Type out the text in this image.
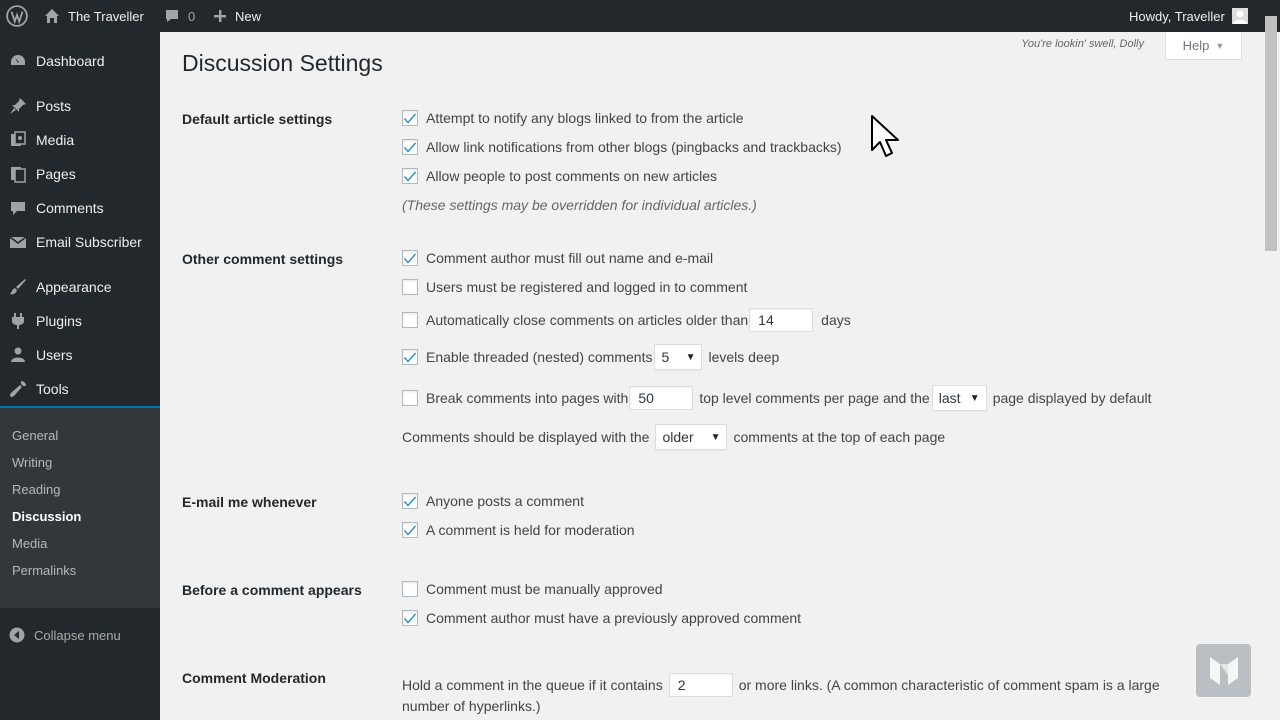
The Traveller	0	New	Howdy, Traveller
Dashboard
Posts
Media
Pages
Comments
Email Subscriber
Appearance
Plugins
Users
Tools
General
Writing
Reading
Discussion
Media
Permalinks
Collapse menu
You're lookin' swell, Dolly	Help ▼
Discussion Settings
Default article settings	Attempt to notify any blogs linked to from the article
Allow link notifications from other blogs (pingbacks and trackbacks)
Allow people to post comments on new articles
(These settings may be overridden for individual articles.)
Other comment settings	Comment author must fill out name and e-mail
Users must be registered and logged in to comment
Automatically close comments on articles older than 14	days
Enable threaded (nested) comments 5 ▼ levels deep
Break comments into pages with 50	top level comments per page and the last ▼ page displayed by default
Comments should be displayed with the older ▼ comments at the top of each page
E-mail me whenever	Anyone posts a comment
A comment is held for moderation
Before a comment appears	Comment must be manually approved
Comment author must have a previously approved comment
Comment Moderation	Hold a comment in the queue if it contains	2	or more links. (A common characteristic of comment spam is a large
number of hyperlinks.)
